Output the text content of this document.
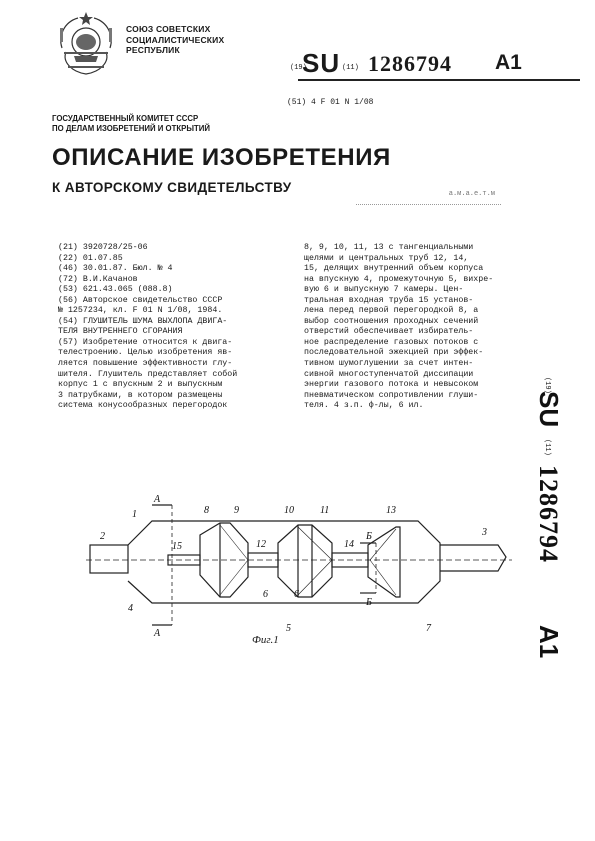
СОЮЗ СОВЕТСКИХ
СОЦИАЛИСТИЧЕСКИХ
РЕСПУБЛИК
(19)
SU (11) 1286794 A1
(51) 4 F 01 N 1/08
ГОСУДАРСТВЕННЫЙ КОМИТЕТ СССР
ПО ДЕЛАМ ИЗОБРЕТЕНИЙ И ОТКРЫТИЙ
ОПИСАНИЕ ИЗОБРЕТЕНИЯ
К АВТОРСКОМУ СВИДЕТЕЛЬСТВУ	а.м.а.е.т.м
(21) 3920728/25-06
(22) 01.07.85
(46) 30.01.87. Бюл. № 4
(72) В.И.Качанов
(53) 621.43.065 (088.8)
(56) Авторское свидетельство СССР
№ 1257234, кл. F 01 N 1/08, 1984.
(54) ГЛУШИТЕЛЬ ШУМА ВЫХЛОПА ДВИГА-
ТЕЛЯ ВНУТРЕННЕГО СГОРАНИЯ
(57) Изобретение относится к двига-
телестроению. Целью изобретения яв-
ляется повышение эффективности глу-
шителя. Глушитель представляет собой
корпус 1 с впускным 2 и выпускным
3 патрубками, в котором размещены
система конусообразных перегородок
8, 9, 10, 11, 13 с тангенциальными
щелями и центральных труб 12, 14,
15, делящих внутренний объем корпуса
на впускную 4, промежуточную 5, вихре-
вую 6 и выпускную 7 камеры. Цен-
тральная входная труба 15 установ-
лена перед первой перегородкой 8, а
выбор соотношения проходных сечений
отверстий обеспечивает избиратель-
ное распределение газовых потоков с
последовательной эжекцией при эффек-
тивном шумоглушении за счет интен-
сивной многоступенчатой диссипации
энергии газового потока и невысоком
пневматическом сопротивлении глуши-
теля. 4 з.п. ф-лы, 6 ил.
(19)
SU
(11)
1286794
A1
1
2	3
4
5
6
7
8	9	10	11
12
13
14
15
А
А
Б
Б
6
Фиг.1
